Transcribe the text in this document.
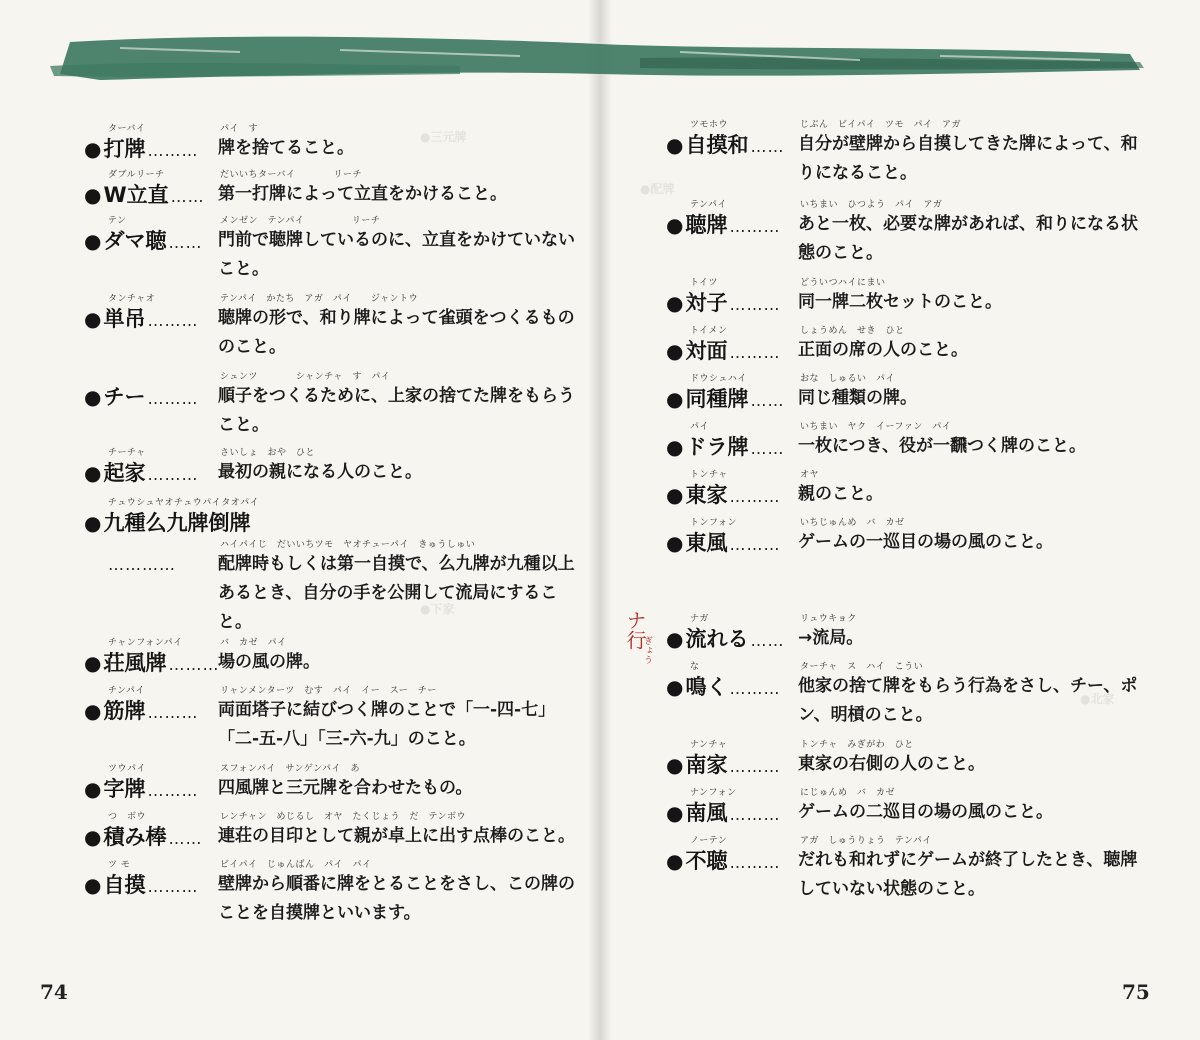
●三元牌
●下家
●配牌
●北家
ターバイ
●打牌 ………
パイ　す
牌を捨てること。
ダブルリーチ
●W立直 ……
だいいちターバイ　　　　リーチ
第一打牌によって立直をかけること。
テン
●ダマ聴 ……
メンゼン　テンパイ　　　　　リーチ
門前で聴牌しているのに、立直をかけていないこと。
タンチャオ
●単吊 ………
テンパイ　かたち　アガ　パイ　　ジャントウ
聴牌の形で、和り牌によって雀頭をつくるもののこと。
●チー ………
シュンツ　　　　シャンチャ　す　パイ
順子をつくるために、上家の捨てた牌をもらうこと。
チーチャ
●起家 ………
さいしょ　おや　ひと
最初の親になる人のこと。
チュウシュヤオチュウパイタオパイ
●九種么九牌倒牌
…………
ハイパイじ　だいいちツモ　ヤオチューパイ　きゅうしゅい
配牌時もしくは第一自摸で、么九牌が九種以上あるとき、自分の手を公開して流局にすること。
チャンフォンパイ
●荘風牌 ………
バ　カゼ　パイ
場の風の牌。
チンパイ
●筋牌 ………
リャンメンターツ　むす　パイ　イー　スー　チー
両面塔子に結びつく牌のことで「一-四-七」「二-五-八」「三-六-九」のこと。
ツウパイ
●字牌 ………
スフォンパイ　サンゲンパイ　あ
四風牌と三元牌を合わせたもの。
つ　ボウ
●積み棒 ……
レンチャン　めじるし　オヤ　たくじょう　だ　テンボウ
連荘の目印として親が卓上に出す点棒のこと。
ツ モ
●自摸 ………
ビイパイ　じゅんばん　パイ　パイ
壁牌から順番に牌をとることをさし、この牌のことを自摸牌といいます。
ツモホウ
●自摸和 ……
じぶん　ビイパイ　ツモ　パイ　アガ
自分が壁牌から自摸してきた牌によって、和りになること。
テンパイ
●聴牌 ………
いちまい　ひつよう　パイ　アガ
あと一枚、必要な牌があれば、和りになる状態のこと。
トイツ
●対子 ………
どういつハイにまい
同一牌二枚セットのこと。
トイメン
●対面 ………
しょうめん　せき　ひと
正面の席の人のこと。
ドウシュハイ
●同種牌 ……
おな　しゅるい　パイ
同じ種類の牌。
パイ
●ドラ牌 ……
いちまい　ヤク　イーファン　パイ
一枚につき、役が一飜つく牌のこと。
トンチャ
●東家 ………
オヤ
親のこと。
トンフォン
●東風 ………
いちじゅんめ　バ　カゼ
ゲームの一巡目の場の風のこと。
ナガ
●流れる ……
リュウキョク
→流局。
な
●鳴く ………
ターチャ　ス　ハイ　こうい
他家の捨て牌をもらう行為をさし、チー、ポン、明槓のこと。
ナンチャ
●南家 ………
トンチャ　みぎがわ　ひと
東家の右側の人のこと。
ナンフォン
●南風 ………
にじゅんめ　バ　カゼ
ゲームの二巡目の場の風のこと。
ノーテン
●不聴 ………
アガ　しゅうりょう　テンパイ
だれも和れずにゲームが終了したとき、聴牌していない状態のこと。
ナ行
ぎょう
74	75
